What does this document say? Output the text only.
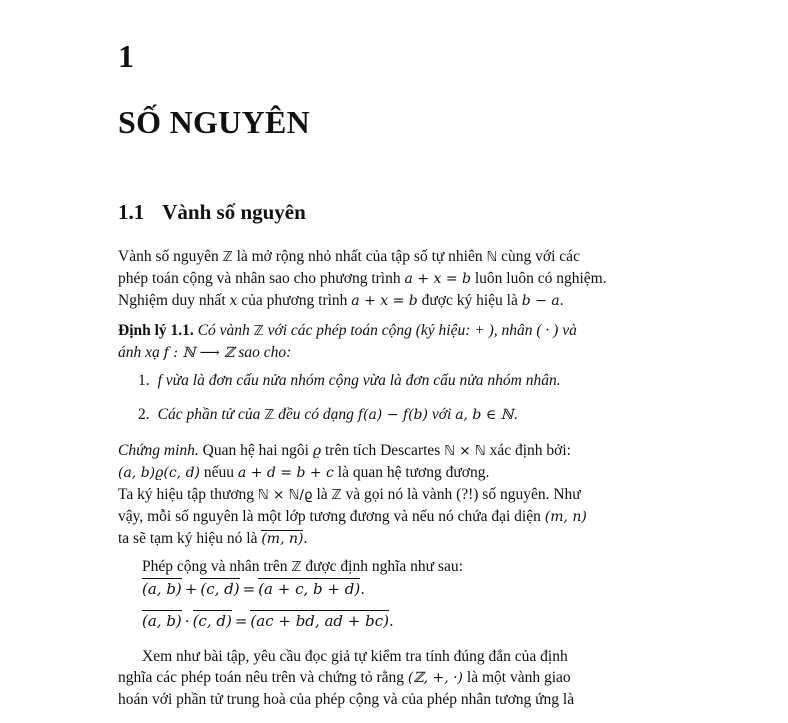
1
SỐ NGUYÊN
1.1 Vành số nguyên
Vành số nguyên ℤ là mở rộng nhỏ nhất của tập số tự nhiên ℕ cùng với các
phép toán cộng và nhân sao cho phương trình a + x = b luôn luôn có nghiệm.
Nghiệm duy nhất x của phương trình a + x = b được ký hiệu là b − a.
Định lý 1.1. Có vành ℤ với các phép toán cộng (ký hiệu: + ), nhân ( · ) và
ánh xạ f : ℕ ⟶ ℤ sao cho:
1. f vừa là đơn cấu nửa nhóm cộng vừa là đơn cấu nửa nhóm nhân.
2. Các phần tử của ℤ đều có dạng f(a) − f(b) với a, b ∈ ℕ.
Chứng minh. Quan hệ hai ngôi ϱ trên tích Descartes ℕ × ℕ xác định bởi:
(a, b)ϱ(c, d) nếuu a + d = b + c là quan hệ tương đương.
Ta ký hiệu tập thương ℕ × ℕ/ϱ là ℤ và gọi nó là vành (?!) số nguyên. Như
vậy, mỗi số nguyên là một lớp tương đương và nếu nó chứa đại diện (m, n)
ta sẽ tạm ký hiệu nó là (m, n).
Phép cộng và nhân trên ℤ được định nghĩa như sau:
(a, b) + (c, d) = (a + c, b + d).
(a, b) · (c, d) = (ac + bd, ad + bc).
Xem như bài tập, yêu cầu đọc giả tự kiểm tra tính đúng đắn của định
nghĩa các phép toán nêu trên và chứng tỏ rằng (ℤ, +, ·) là một vành giao
hoán với phần tử trung hoà của phép cộng và của phép nhân tương ứng là
